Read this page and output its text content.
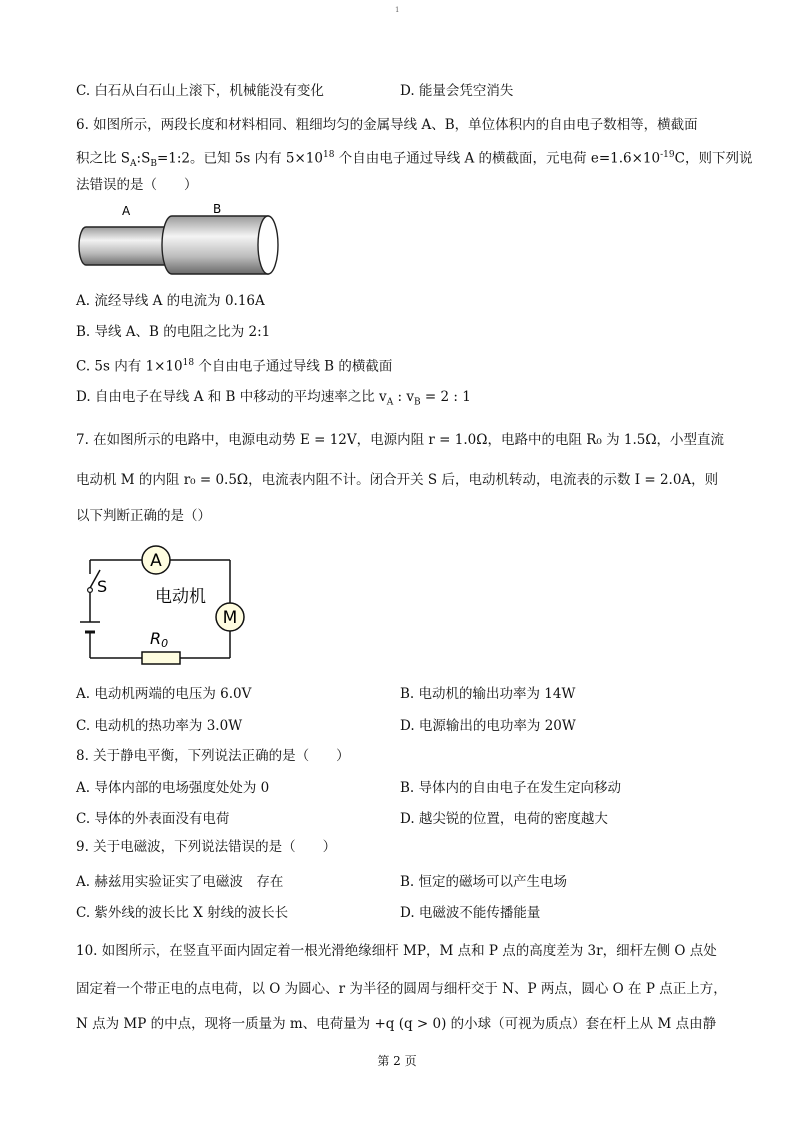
1
C. 白石从白石山上滚下，机械能没有变化	D. 能量会凭空消失
6. 如图所示，两段长度和材料相同、粗细均匀的金属导线 A、B，单位体积内的自由电子数相等，横截面
积之比 $S_A:S_B=1:2$。已知 5s 内有 $5\times 10^{18}$ 个自由电子通过导线 A 的横截面，元电荷 $e=1.6\times 10^{-19}C$，则下列说
法错误的是（　　）
A	B
A. 流经导线 A 的电流为 0.16A
B. 导线 A、B 的电阻之比为 2:1
C. 5s 内有 $1\times 10^{18}$ 个自由电子通过导线 B 的横截面
D. 自由电子在导线 A 和 B 中移动的平均速率之比 $v_A$ : $v_B = 2$ : 1
7. 在如图所示的电路中，电源电动势 E = 12V，电源内阻 r = 1.0Ω，电路中的电阻 R₀ 为 1.5Ω，小型直流
电动机 M 的内阻 r₀ = 0.5Ω，电流表内阻不计。闭合开关 S 后，电动机转动，电流表的示数 I = 2.0A，则
以下判断正确的是（）
A
M
S
电动机
R0
A. 电动机两端的电压为 6.0V	B. 电动机的输出功率为 14W
C. 电动机的热功率为 3.0W	D. 电源输出的电功率为 20W
8. 关于静电平衡，下列说法正确的是（　　）
A. 导体内部的电场强度处处为 0	B. 导体内的自由电子在发生定向移动
C. 导体的外表面没有电荷	D. 越尖锐的位置，电荷的密度越大
9. 关于电磁波，下列说法错误的是（　　）
A. 赫兹用实验证实了电磁波　存在	B. 恒定的磁场可以产生电场
C. 紫外线的波长比 X 射线的波长长	D. 电磁波不能传播能量
10. 如图所示，在竖直平面内固定着一根光滑绝缘细杆 MP，M 点和 P 点的高度差为 3r，细杆左侧 O 点处
固定着一个带正电的点电荷，以 O 为圆心、r 为半径的圆周与细杆交于 N、P 两点，圆心 O 在 P 点正上方，
N 点为 MP 的中点，现将一质量为 m、电荷量为 +q (q > 0) 的小球（可视为质点）套在杆上从 M 点由静
第 2 页
